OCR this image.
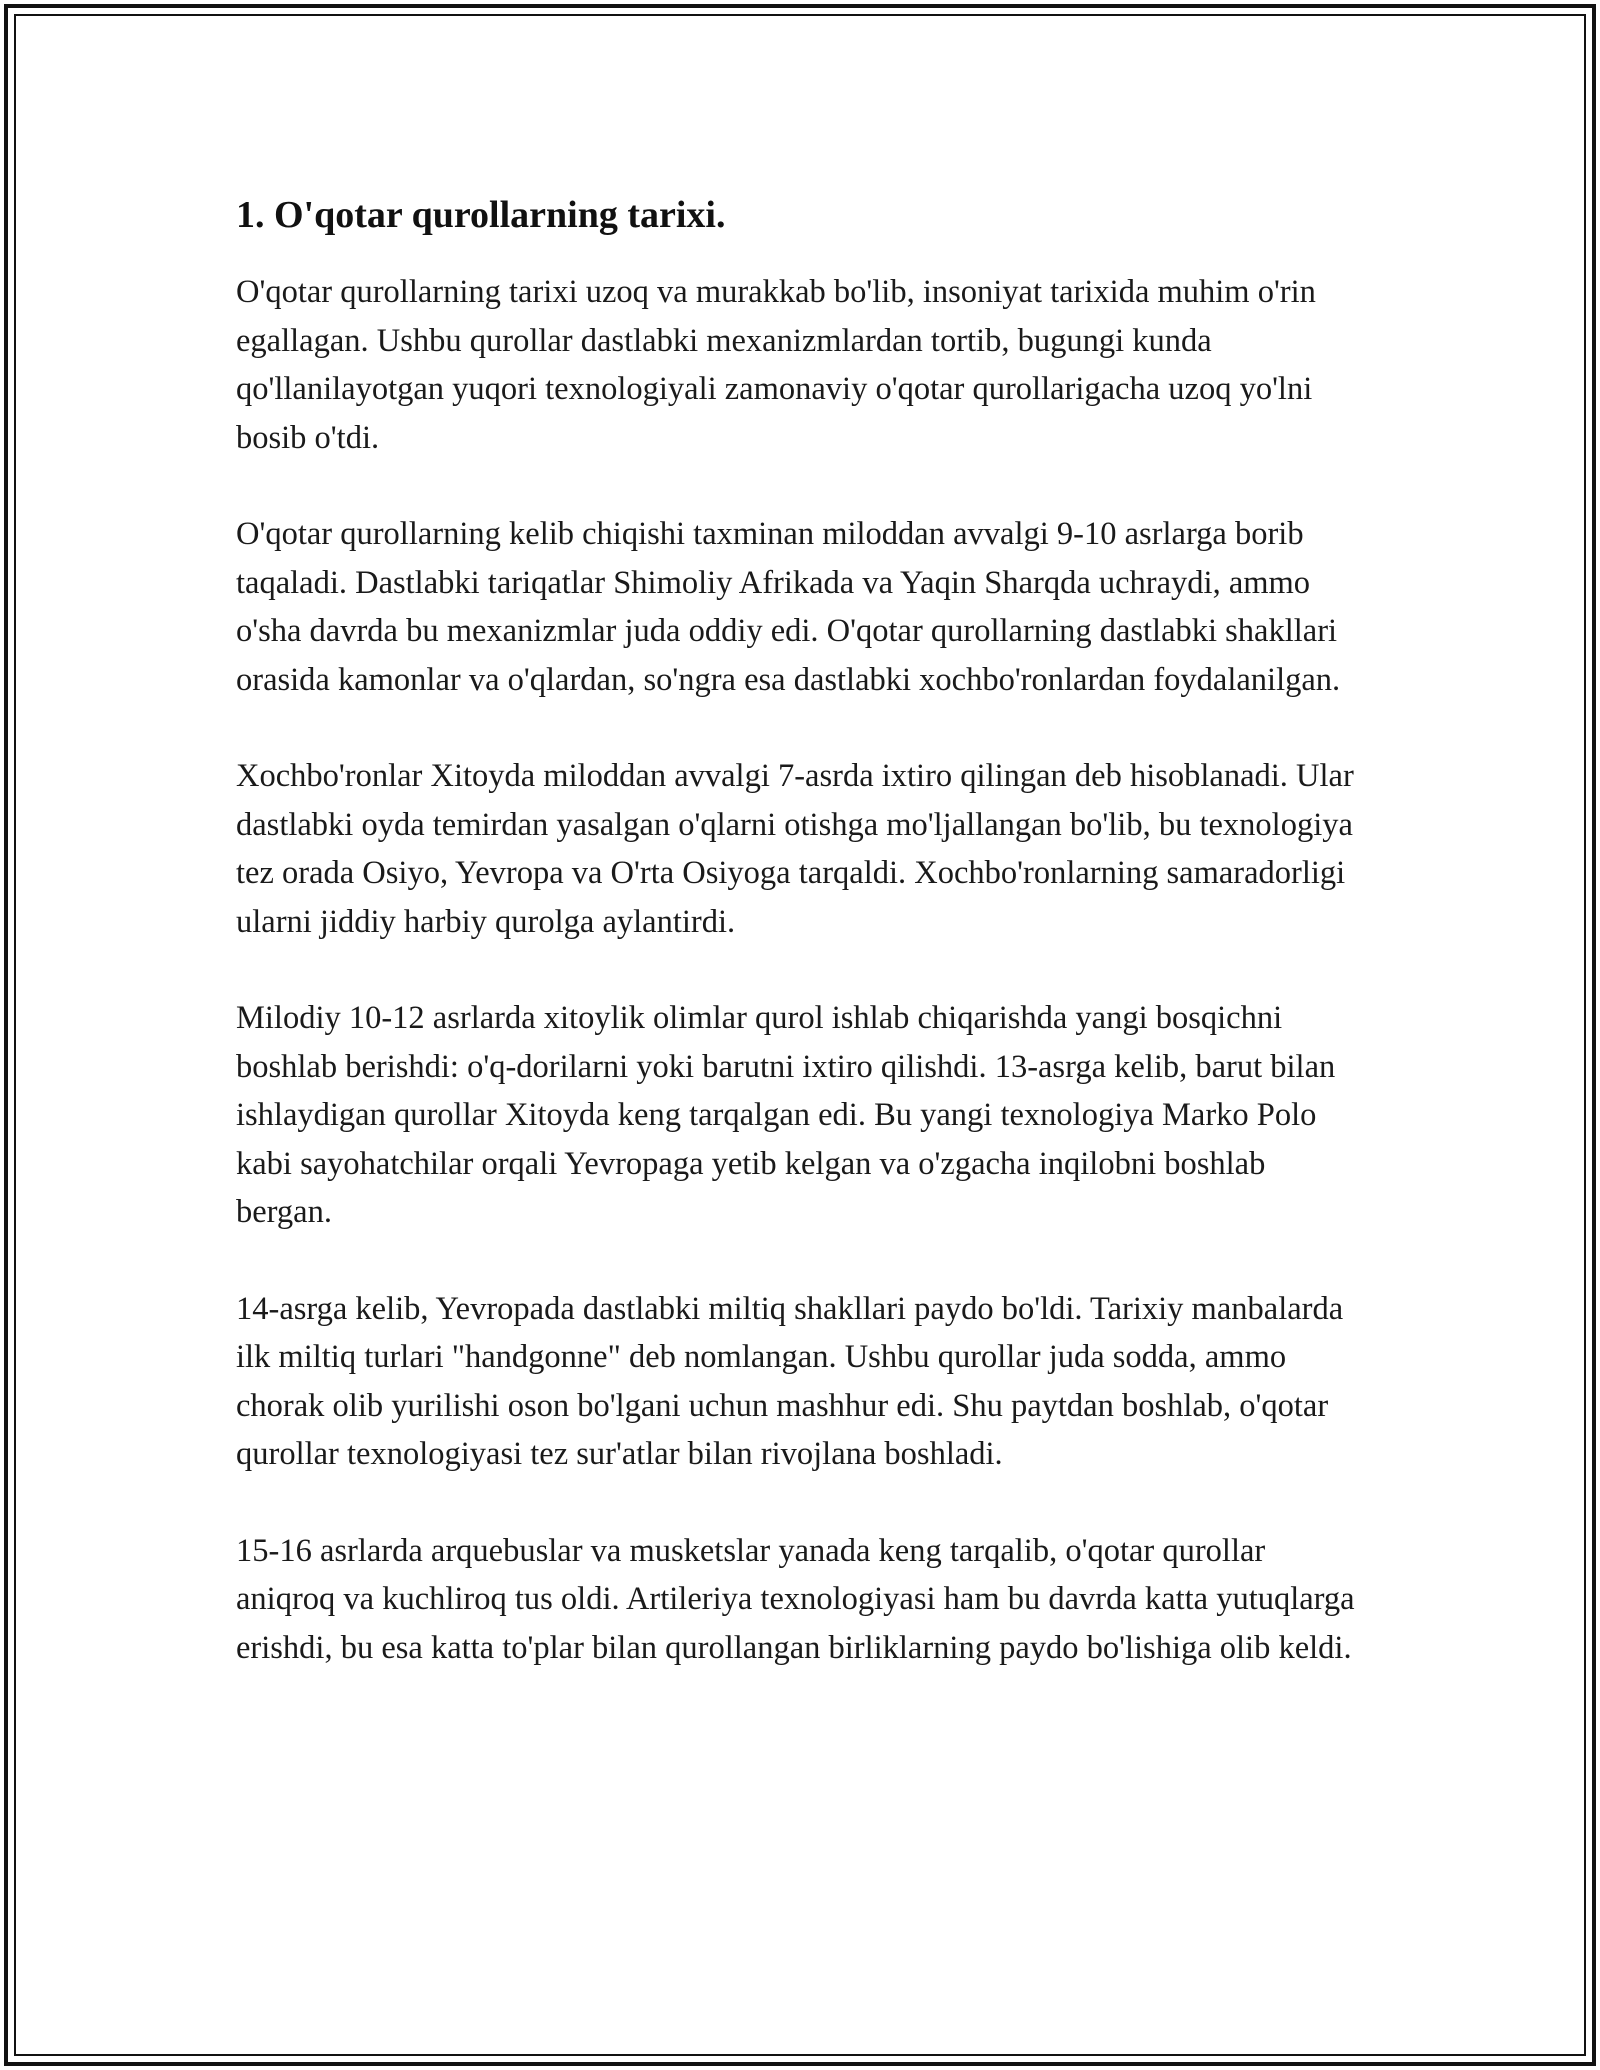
1. O'qotar qurollarning tarixi.

O'qotar qurollarning tarixi uzoq va murakkab bo'lib, insoniyat tarixida muhim o'rin egallagan. Ushbu qurollar dastlabki mexanizmlardan tortib, bugungi kunda qo'llanilayotgan yuqori texnologiyali zamonaviy o'qotar qurollarigacha uzoq yo'lni bosib o'tdi.

O'qotar qurollarning kelib chiqishi taxminan miloddan avvalgi 9-10 asrlarga borib taqaladi. Dastlabki tariqatlar Shimoliy Afrikada va Yaqin Sharqda uchraydi, ammo o'sha davrda bu mexanizmlar juda oddiy edi. O'qotar qurollarning dastlabki shakllari orasida kamonlar va o'qlardan, so'ngra esa dastlabki xochbo'ronlardan foydalanilgan.

Xochbo'ronlar Xitoyda miloddan avvalgi 7-asrda ixtiro qilingan deb hisoblanadi. Ular dastlabki oyda temirdan yasalgan o'qlarni otishga mo'ljallangan bo'lib, bu texnologiya tez orada Osiyo, Yevropa va O'rta Osiyoga tarqaldi. Xochbo'ronlarning samaradorligi ularni jiddiy harbiy qurolga aylantirdi.

Milodiy 10-12 asrlarda xitoylik olimlar qurol ishlab chiqarishda yangi bosqichni boshlab berishdi: o'q-dorilarni yoki barutni ixtiro qilishdi. 13-asrga kelib, barut bilan ishlaydigan qurollar Xitoyda keng tarqalgan edi. Bu yangi texnologiya Marko Polo kabi sayohatchilar orqali Yevropaga yetib kelgan va o'zgacha inqilobni boshlab bergan.

14-asrga kelib, Yevropada dastlabki miltiq shakllari paydo bo'ldi. Tarixiy manbalarda ilk miltiq turlari "handgonne" deb nomlangan. Ushbu qurollar juda sodda, ammo chorak olib yurilishi oson bo'lgani uchun mashhur edi. Shu paytdan boshlab, o'qotar qurollar texnologiyasi tez sur'atlar bilan rivojlana boshladi.

15-16 asrlarda arquebuslar va musketslar yanada keng tarqalib, o'qotar qurollar aniqroq va kuchliroq tus oldi. Artileriya texnologiyasi ham bu davrda katta yutuqlarga erishdi, bu esa katta to'plar bilan qurollangan birliklarning paydo bo'lishiga olib keldi.
